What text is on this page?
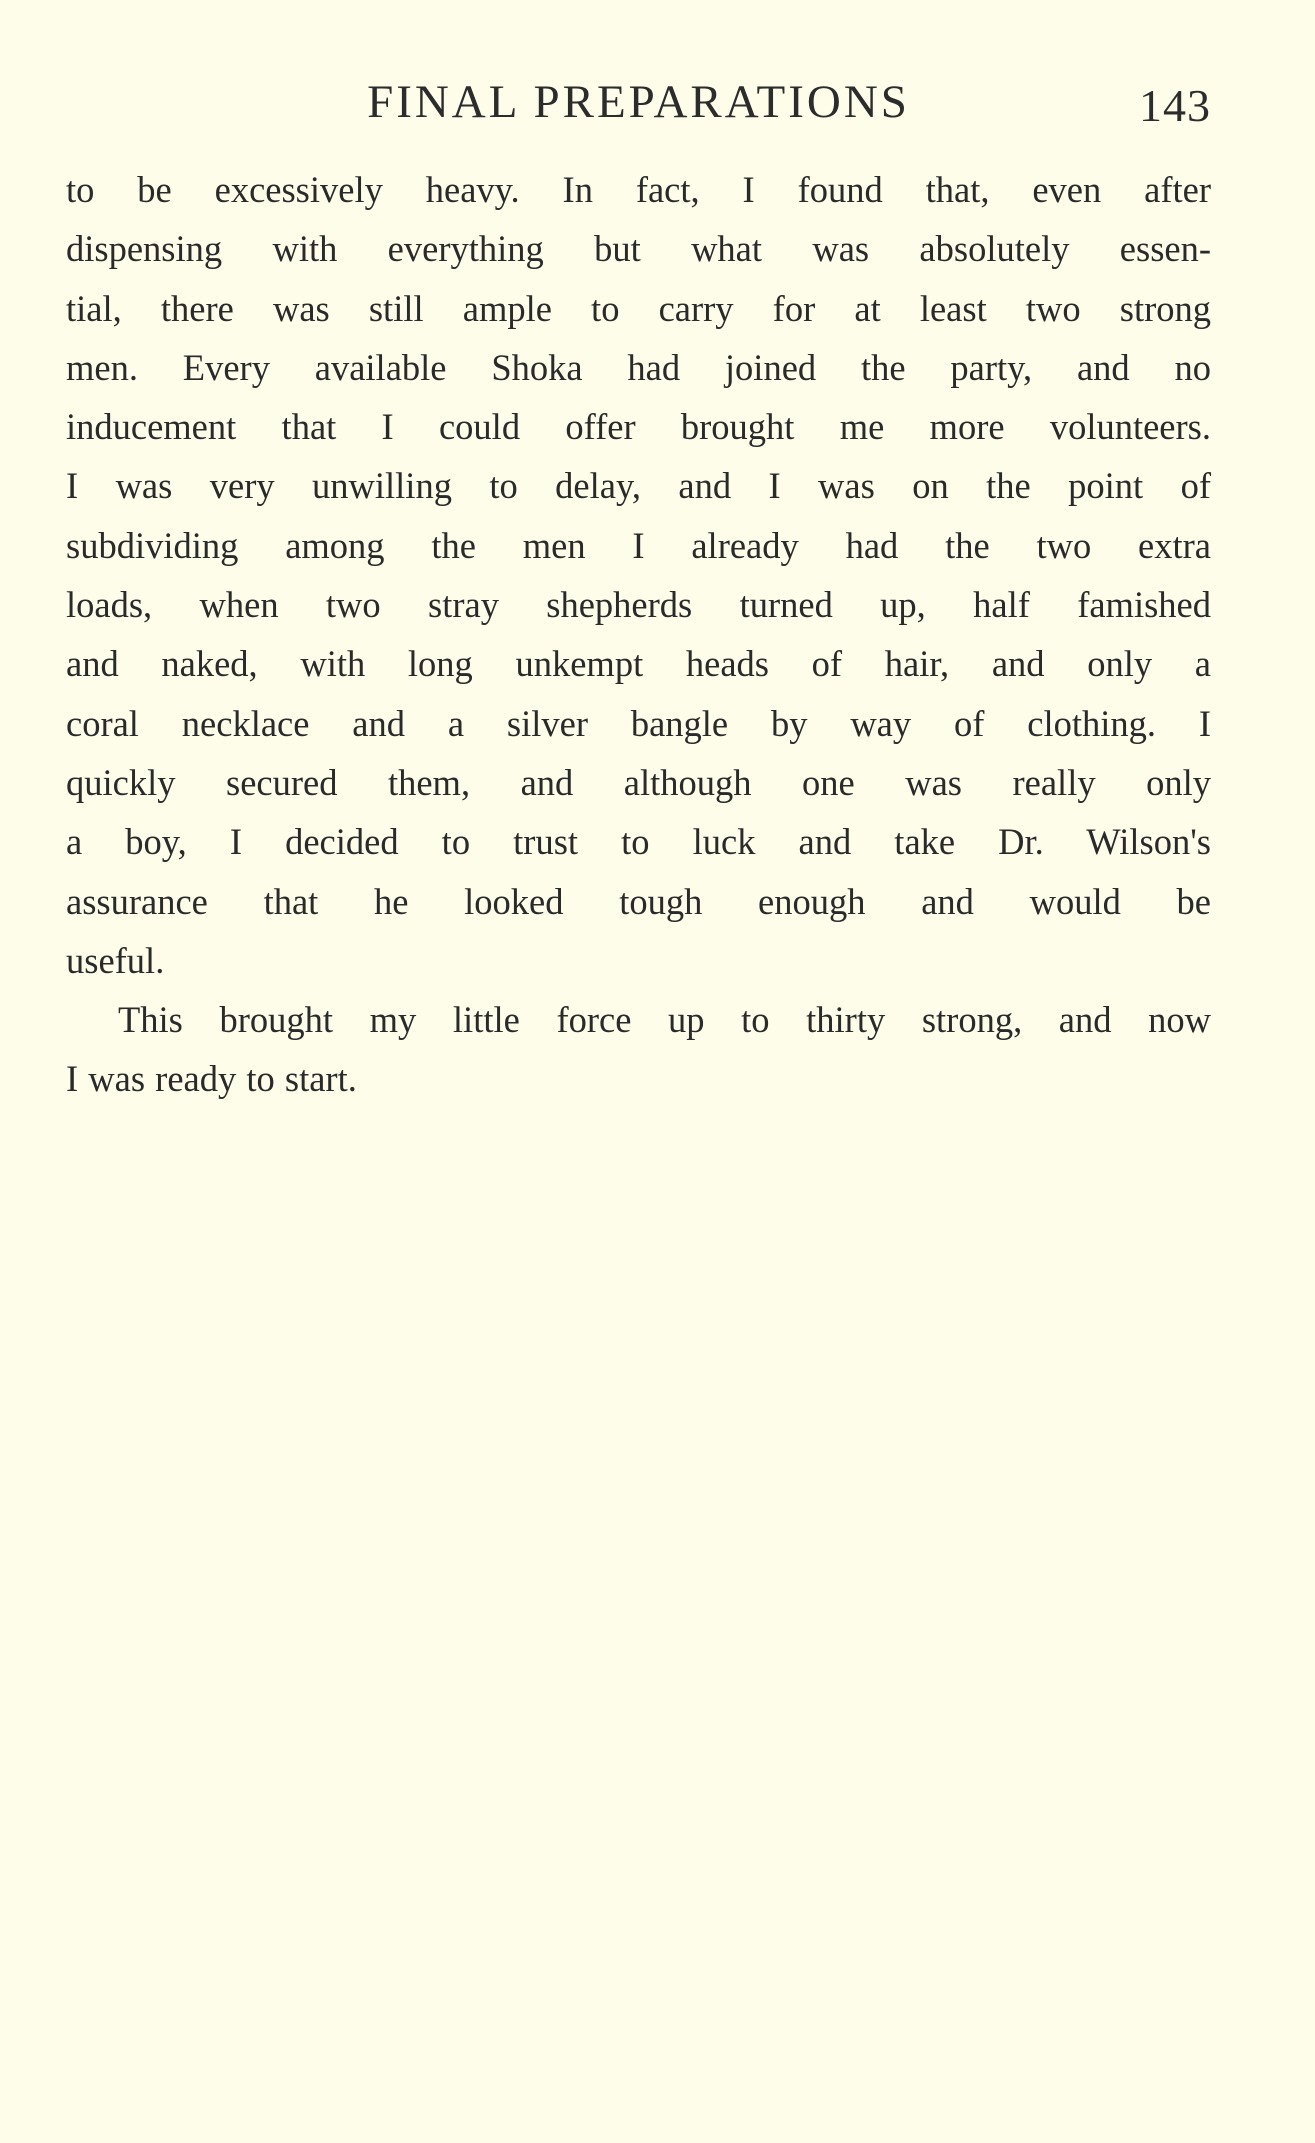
FINAL PREPARATIONS	143
to be excessively heavy. In fact, I found that, even after
dispensing with everything but what was absolutely essen-
tial, there was still ample to carry for at least two strong
men. Every available Shoka had joined the party, and no
inducement that I could offer brought me more volunteers.
I was very unwilling to delay, and I was on the point of
subdividing among the men I already had the two extra
loads, when two stray shepherds turned up, half famished
and naked, with long unkempt heads of hair, and only a
coral necklace and a silver bangle by way of clothing. I
quickly secured them, and although one was really only
a boy, I decided to trust to luck and take Dr. Wilson's
assurance that he looked tough enough and would be
useful.
This brought my little force up to thirty strong, and now
I was ready to start.
